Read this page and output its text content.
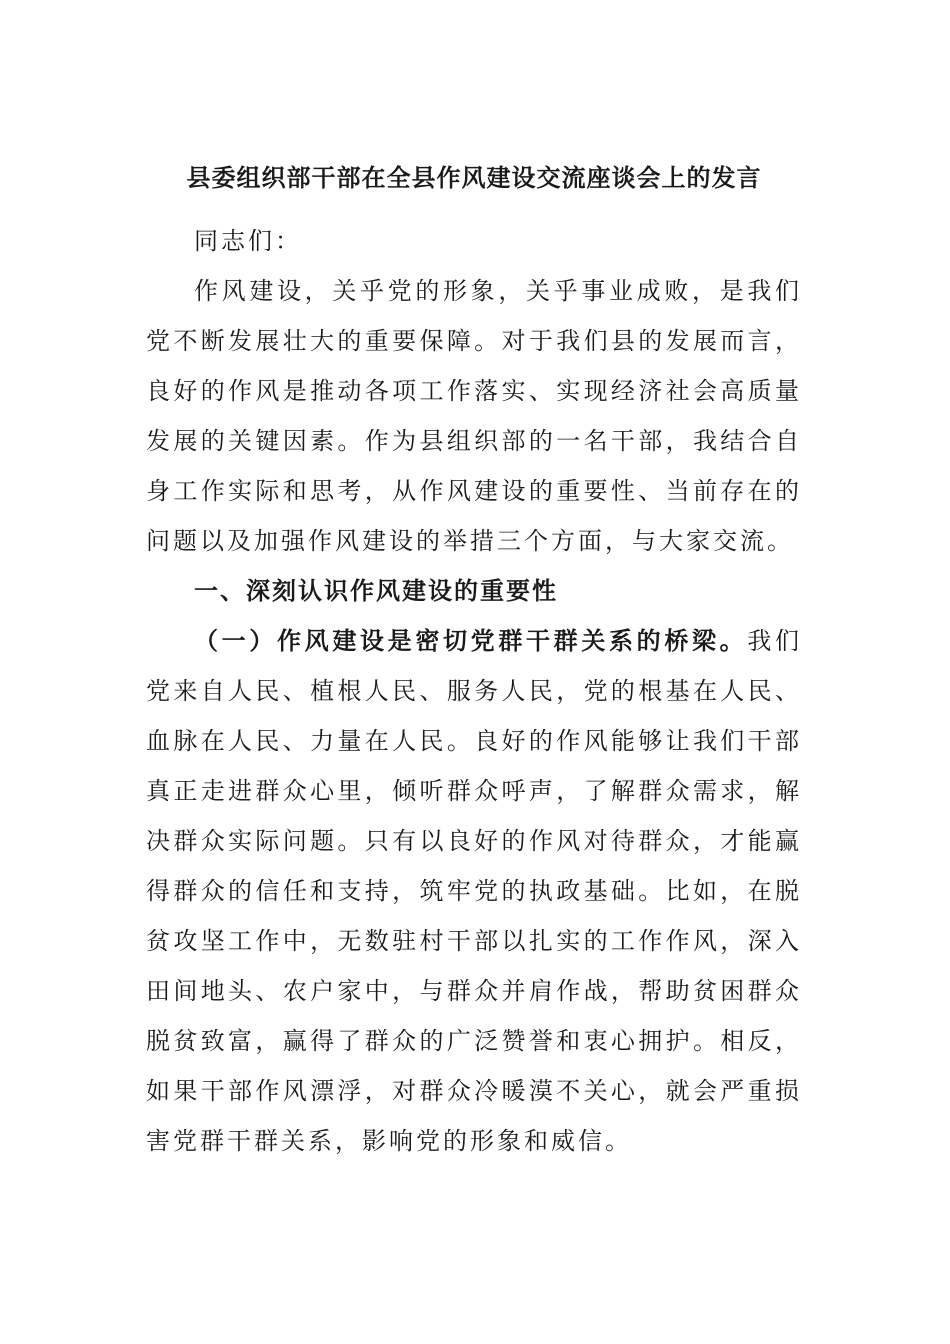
县委组织部干部在全县作风建设交流座谈会上的发言

同志们：

作风建设，关乎党的形象，关乎事业成败，是我们党不断发展壮大的重要保障。对于我们县的发展而言，良好的作风是推动各项工作落实、实现经济社会高质量发展的关键因素。作为县组织部的一名干部，我结合自身工作实际和思考，从作风建设的重要性、当前存在的问题以及加强作风建设的举措三个方面，与大家交流。

一、深刻认识作风建设的重要性

（一）作风建设是密切党群干群关系的桥梁。我们党来自人民、植根人民、服务人民，党的根基在人民、血脉在人民、力量在人民。良好的作风能够让我们干部真正走进群众心里，倾听群众呼声，了解群众需求，解决群众实际问题。只有以良好的作风对待群众，才能赢得群众的信任和支持，筑牢党的执政基础。比如，在脱贫攻坚工作中，无数驻村干部以扎实的工作作风，深入田间地头、农户家中，与群众并肩作战，帮助贫困群众脱贫致富，赢得了群众的广泛赞誉和衷心拥护。相反，如果干部作风漂浮，对群众冷暖漠不关心，就会严重损害党群干群关系，影响党的形象和威信。
